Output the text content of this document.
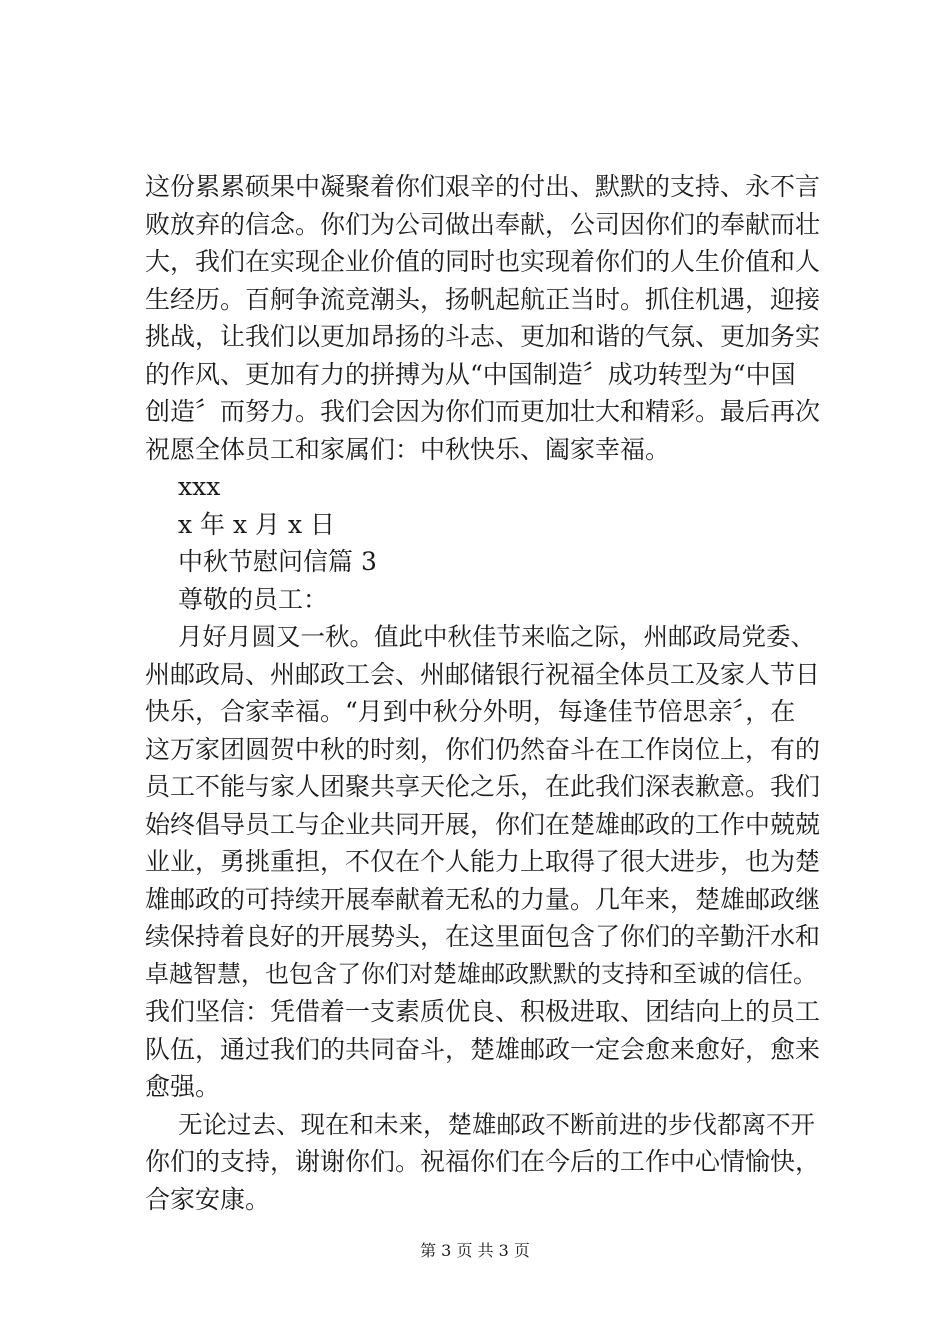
这份累累硕果中凝聚着你们艰辛的付出、默默的支持、永不言
败放弃的信念。你们为公司做出奉献，公司因你们的奉献而壮
大，我们在实现企业价值的同时也实现着你们的人生价值和人
生经历。百舸争流竞潮头，扬帆起航正当时。抓住机遇，迎接
挑战，让我们以更加昂扬的斗志、更加和谐的气氛、更加务实
的作风、更加有力的拼搏为从“中国制造〞成功转型为“中国
创造〞而努力。我们会因为你们而更加壮大和精彩。最后再次
祝愿全体员工和家属们：中秋快乐、阖家幸福。
xxx
x 年 x 月 x 日
中秋节慰问信篇 3
尊敬的员工：
月好月圆又一秋。值此中秋佳节来临之际，州邮政局党委、
州邮政局、州邮政工会、州邮储银行祝福全体员工及家人节日
快乐，合家幸福。“月到中秋分外明，每逢佳节倍思亲〞，在
这万家团圆贺中秋的时刻，你们仍然奋斗在工作岗位上，有的
员工不能与家人团聚共享天伦之乐，在此我们深表歉意。我们
始终倡导员工与企业共同开展，你们在楚雄邮政的工作中兢兢
业业，勇挑重担，不仅在个人能力上取得了很大进步，也为楚
雄邮政的可持续开展奉献着无私的力量。几年来，楚雄邮政继
续保持着良好的开展势头，在这里面包含了你们的辛勤汗水和
卓越智慧，也包含了你们对楚雄邮政默默的支持和至诚的信任。
我们坚信：凭借着一支素质优良、积极进取、团结向上的员工
队伍，通过我们的共同奋斗，楚雄邮政一定会愈来愈好，愈来
愈强。
无论过去、现在和未来，楚雄邮政不断前进的步伐都离不开
你们的支持，谢谢你们。祝福你们在今后的工作中心情愉快，
合家安康。
第 3 页 共 3 页
